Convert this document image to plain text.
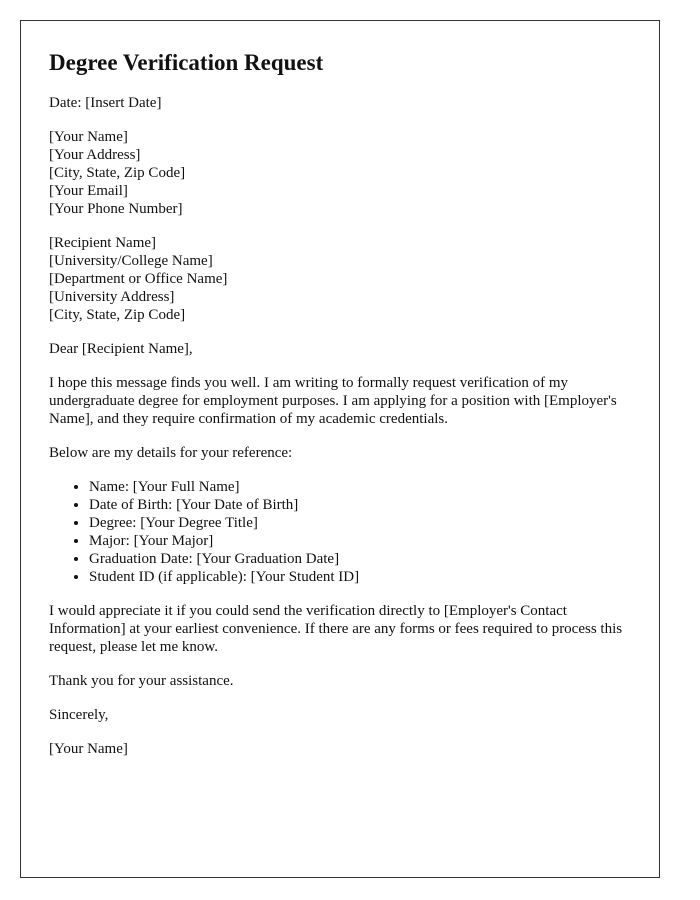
Degree Verification Request
Date: [Insert Date]
[Your Name]
[Your Address]
[City, State, Zip Code]
[Your Email]
[Your Phone Number]
[Recipient Name]
[University/College Name]
[Department or Office Name]
[University Address]
[City, State, Zip Code]
Dear [Recipient Name],
I hope this message finds you well. I am writing to formally request verification of my undergraduate degree for employment purposes. I am applying for a position with [Employer's Name], and they require confirmation of my academic credentials.
Below are my details for your reference:
• Name: [Your Full Name]
• Date of Birth: [Your Date of Birth]
• Degree: [Your Degree Title]
• Major: [Your Major]
• Graduation Date: [Your Graduation Date]
• Student ID (if applicable): [Your Student ID]
I would appreciate it if you could send the verification directly to [Employer's Contact Information] at your earliest convenience. If there are any forms or fees required to process this request, please let me know.
Thank you for your assistance.
Sincerely,
[Your Name]
